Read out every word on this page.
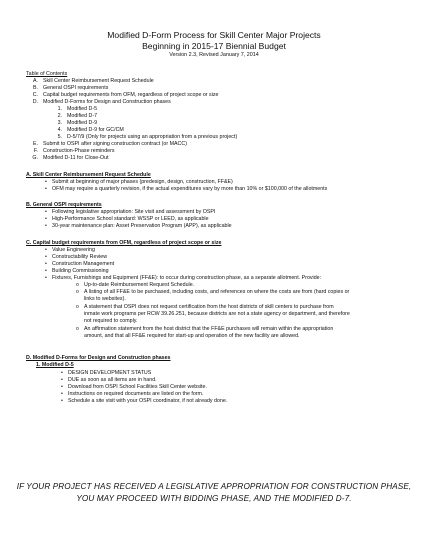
Modified D-Form Process for Skill Center Major Projects
Beginning in 2015-17 Biennial Budget
Version 2.3, Revised January 7, 2014
Table of Contents
A. Skill Center Reimbursement Request Schedule
B. General OSPI requirements
C. Capital budget requirements from OFM, regardless of project scope or size
D. Modified D-Forms for Design and Construction phases
1. Modified D-5
2. Modified D-7
3. Modified D-9
4. Modified D-9 for GC/CM
5. D-5/7/9 (Only for projects using an appropriation from a previous project)
E. Submit to OSPI after signing construction contract (or MACC)
F. Construction-Phase reminders
G. Modified D-11 for Close-Out
A. Skill Center Reimbursement Request Schedule
• Submit at beginning of major phases (predesign, design, construction, FF&E)
• OFM may require a quarterly revision, if the actual expenditures vary by more than 10% or $100,000 of the allotments
B. General OSPI requirements
• Following legislative appropriation: Site visit and assessment by OSPI
• High-Performance School standard: WSSP or LEED, as applicable
• 30-year maintenance plan: Asset Preservation Program (APP), as applicable
C. Capital budget requirements from OFM, regardless of project scope or size
• Value Engineering
• Constructability Review
• Construction Management
• Building Commissioning
• Fixtures, Furnishings and Equipment (FF&E): to occur during construction phase, as a separate allotment. Provide:
o Up-to-date Reimbursement Request Schedule.
o A listing of all FF&E to be purchased, including costs, and references on where the costs are from (hard copies or
links to websites).
o A statement that OSPI does not request certification from the host districts of skill centers to purchase from
inmate work programs per RCW 39.26.251, because districts are not a state agency or department, and therefore
not required to comply.
o An affirmation statement from the host district that the FF&E purchases will remain within the appropriation
amount, and that all FF&E required for start-up and operation of the new facility are allowed.
D. Modified D-Forms for Design and Construction phases
1. Modified D-5
• DESIGN DEVELOPMENT STATUS
• DUE as soon as all items are in hand.
• Download from OSPI School Facilities Skill Center website.
• Instructions on required documents are listed on the form.
• Schedule a site visit with your OSPI coordinator, if not already done.
IF YOUR PROJECT HAS RECEIVED A LEGISLATIVE APPROPRIATION FOR CONSTRUCTION PHASE,
YOU MAY PROCEED WITH BIDDING PHASE, AND THE MODIFIED D-7.
